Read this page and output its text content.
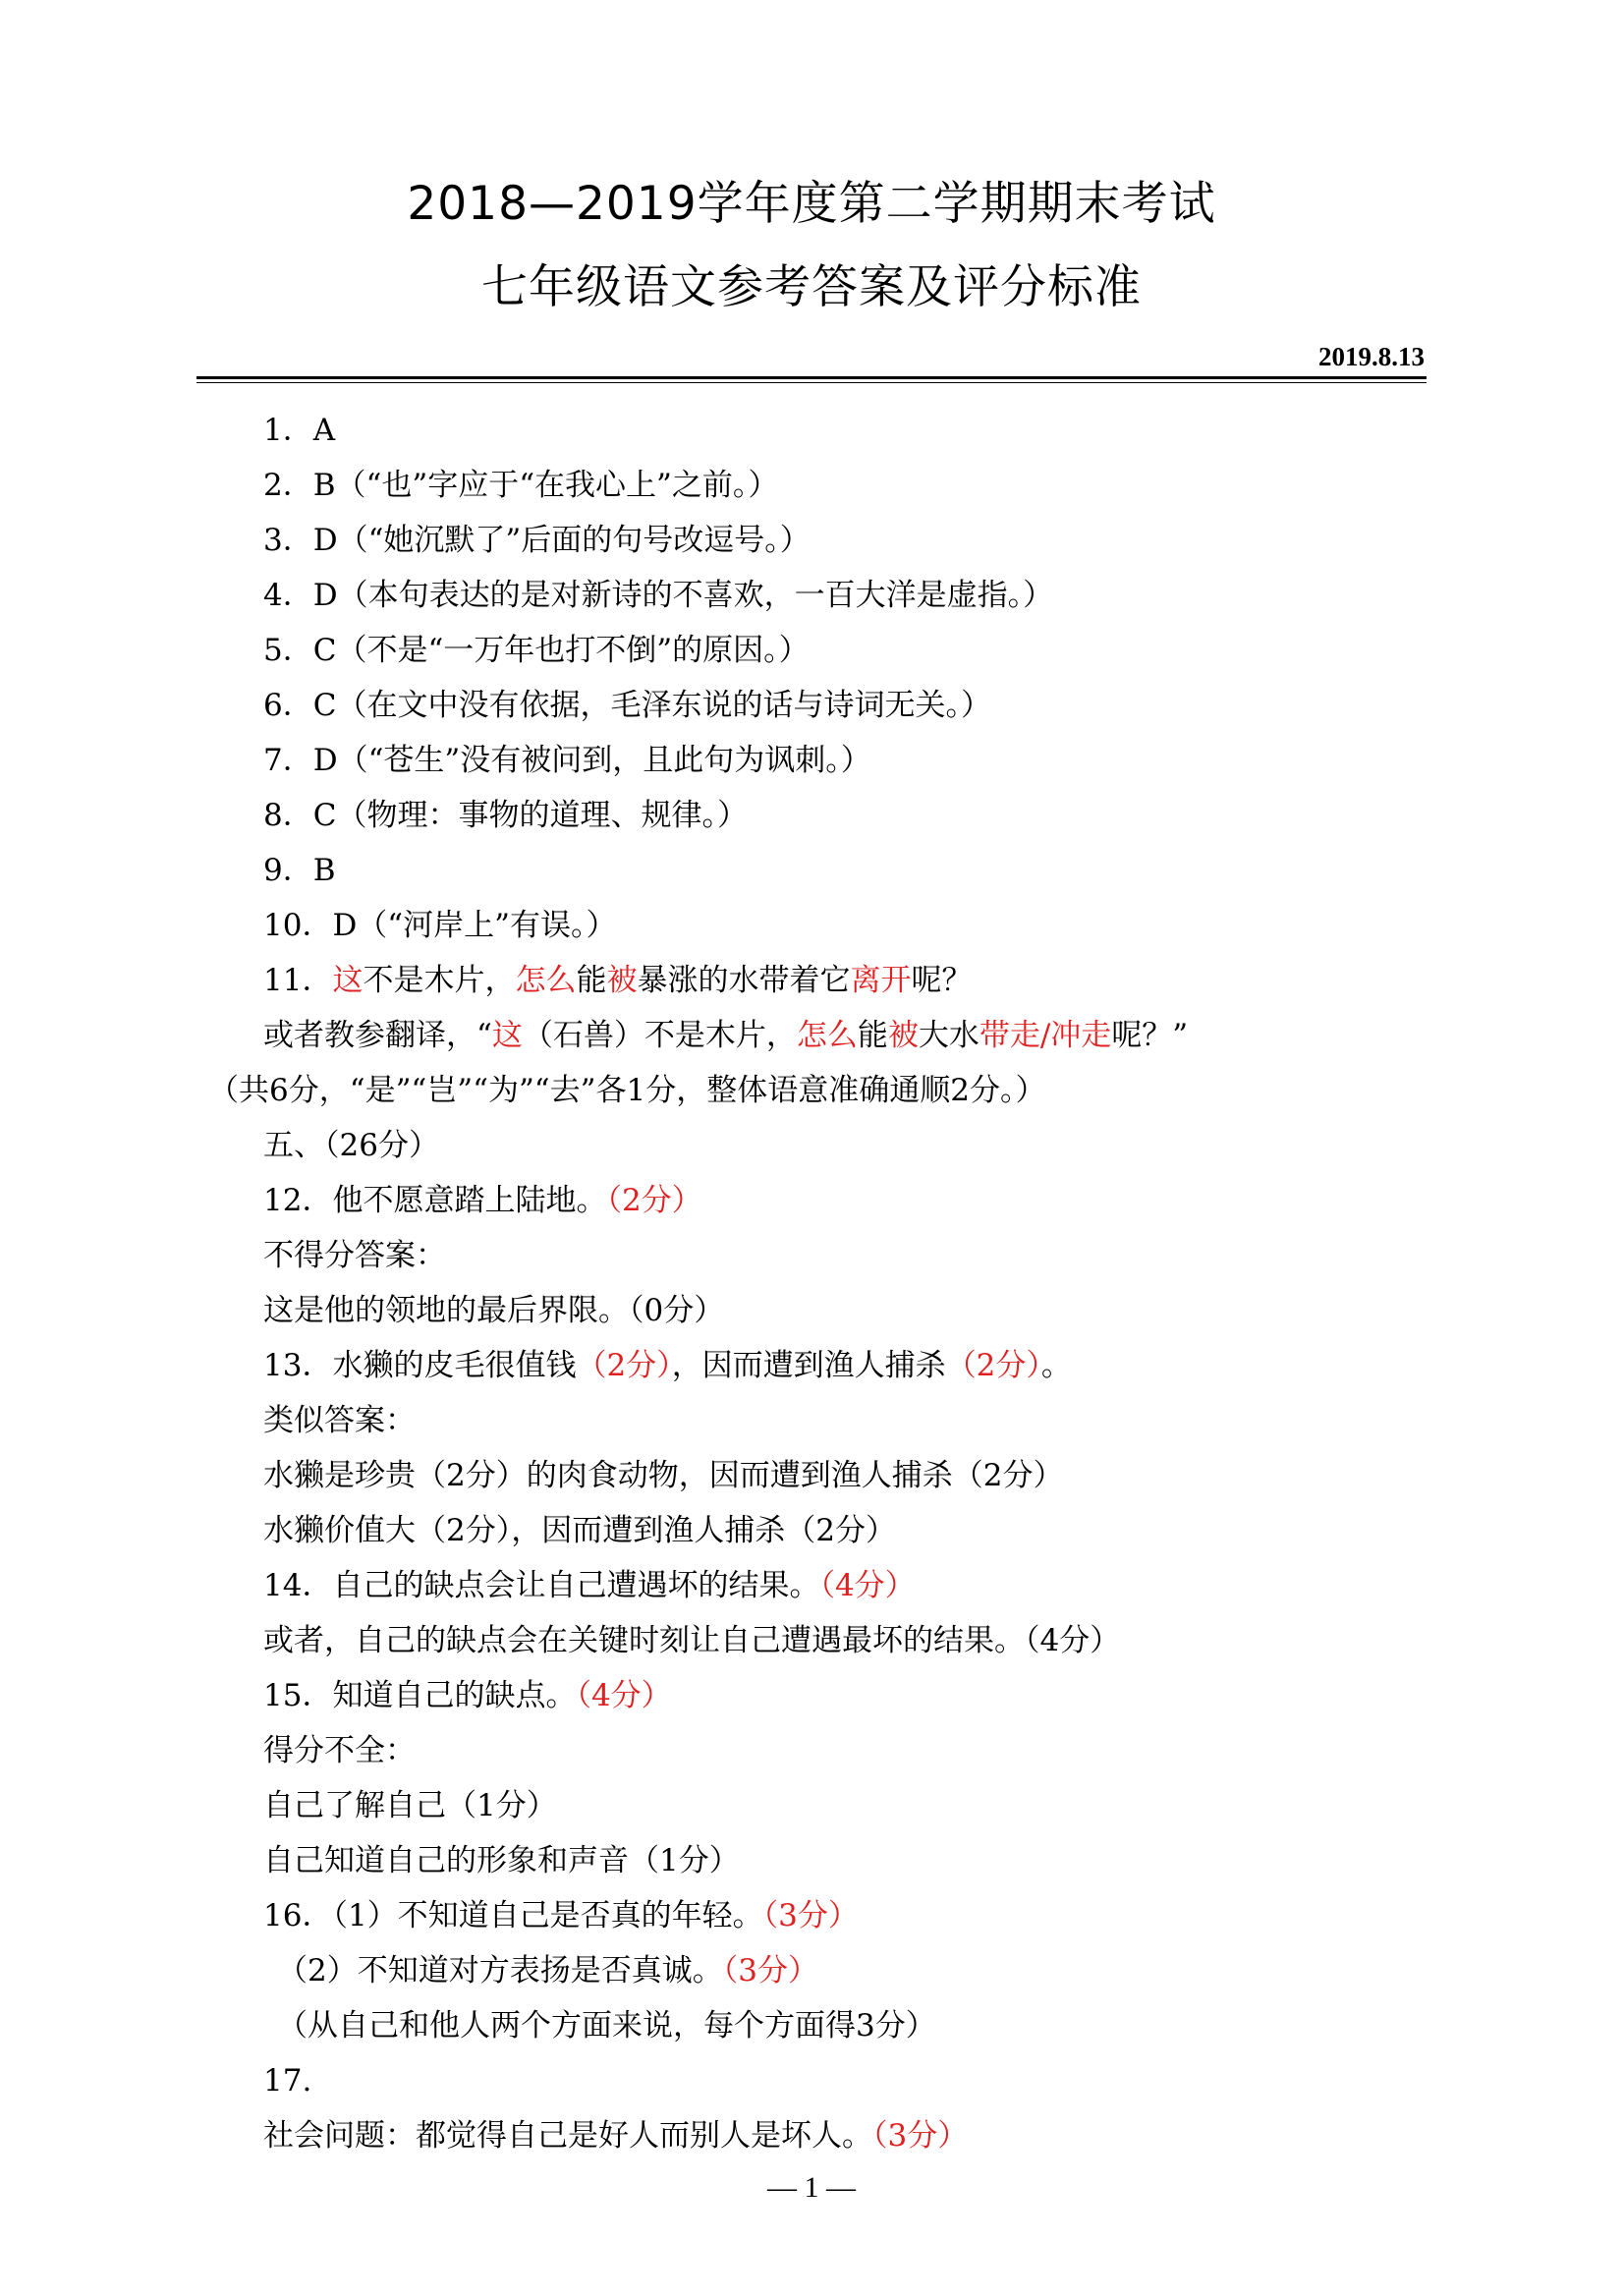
2018—2019学年度第二学期期末考试
七年级语文参考答案及评分标准
2019.8.13
1．A
2．B（“也”字应于“在我心上”之前。）
3．D（“她沉默了”后面的句号改逗号。）
4．D（本句表达的是对新诗的不喜欢，一百大洋是虚指。）
5．C（不是“一万年也打不倒”的原因。）
6．C（在文中没有依据，毛泽东说的话与诗词无关。）
7．D（“苍生”没有被问到，且此句为讽刺。）
8．C（物理：事物的道理、规律。）
9．B
10．D（“河岸上”有误。）
11．这不是木片，怎么能被暴涨的水带着它离开呢？
或者教参翻译，“这（石兽）不是木片，怎么能被大水带走/冲走呢？”
（共6分，“是”“岂”“为”“去”各1分，整体语意准确通顺2分。）
五、（26分）
12．他不愿意踏上陆地。（2分）
不得分答案：
这是他的领地的最后界限。（0分）
13．水獭的皮毛很值钱（2分），因而遭到渔人捕杀（2分）。
类似答案：
水獭是珍贵（2分）的肉食动物，因而遭到渔人捕杀（2分）
水獭价值大（2分），因而遭到渔人捕杀（2分）
14．自己的缺点会让自己遭遇坏的结果。（4分）
或者，自己的缺点会在关键时刻让自己遭遇最坏的结果。（4分）
15．知道自己的缺点。（4分）
得分不全：
自己了解自己（1分）
自己知道自己的形象和声音（1分）
16．（1）不知道自己是否真的年轻。（3分）
（2）不知道对方表扬是否真诚。（3分）
（从自己和他人两个方面来说，每个方面得3分）
17.
社会问题：都觉得自己是好人而别人是坏人。（3分）
— 1 —
